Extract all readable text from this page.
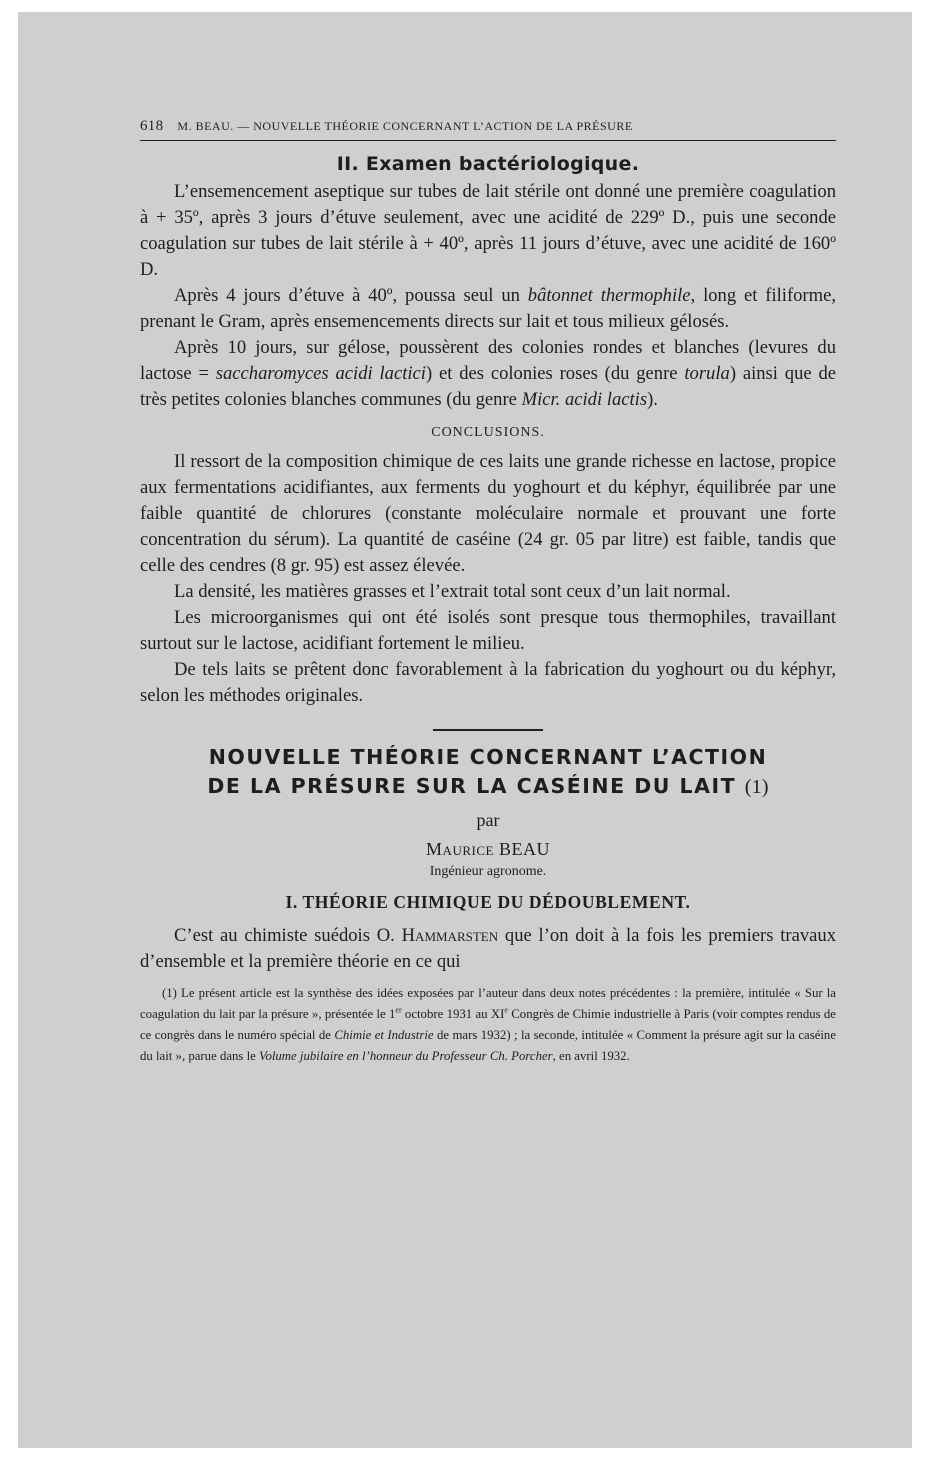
618 M. BEAU. — NOUVELLE THÉORIE CONCERNANT L’ACTION DE LA PRÉSURE
II. Examen bactériologique.

L’ensemencement aseptique sur tubes de lait stérile ont donné une première coagulation à + 35º, après 3 jours d’étuve seulement, avec une acidité de 229º D., puis une seconde coagulation sur tubes de lait stérile à + 40º, après 11 jours d’étuve, avec une acidité de 160º D.

Après 4 jours d’étuve à 40º, poussa seul un bâtonnet thermophile, long et filiforme, prenant le Gram, après ensemencements directs sur lait et tous milieux gélosés.

Après 10 jours, sur gélose, poussèrent des colonies rondes et blanches (levures du lactose = saccharomyces acidi lactici) et des colonies roses (du genre torula) ainsi que de très petites colonies blanches communes (du genre Micr. acidi lactis).

CONCLUSIONS.

Il ressort de la composition chimique de ces laits une grande richesse en lactose, propice aux fermentations acidifiantes, aux ferments du yoghourt et du képhyr, équilibrée par une faible quantité de chlorures (constante moléculaire normale et prouvant une forte concentration du sérum). La quantité de caséine (24 gr. 05 par litre) est faible, tandis que celle des cendres (8 gr. 95) est assez élevée.

La densité, les matières grasses et l’extrait total sont ceux d’un lait normal.

Les microorganismes qui ont été isolés sont presque tous thermophiles, travaillant surtout sur le lactose, acidifiant fortement le milieu.

De tels laits se prêtent donc favorablement à la fabrication du yoghourt ou du képhyr, selon les méthodes originales.

NOUVELLE THÉORIE CONCERNANT L’ACTION
DE LA PRÉSURE SUR LA CASÉINE DU LAIT (1)
par
Maurice BEAU
Ingénieur agronome.
I. THÉORIE CHIMIQUE DU DÉDOUBLEMENT.

C’est au chimiste suédois O. Hammarsten que l’on doit à la fois les premiers travaux d’ensemble et la première théorie en ce qui

(1) Le présent article est la synthèse des idées exposées par l’auteur dans deux notes précédentes : la première, intitulée « Sur la coagulation du lait par la présure », présentée le 1er octobre 1931 au XIe Congrès de Chimie industrielle à Paris (voir comptes rendus de ce congrès dans le numéro spécial de Chimie et Industrie de mars 1932) ; la seconde, intitulée « Comment la présure agit sur la caséine du lait », parue dans le Volume jubilaire en l’honneur du Professeur Ch. Porcher, en avril 1932.
